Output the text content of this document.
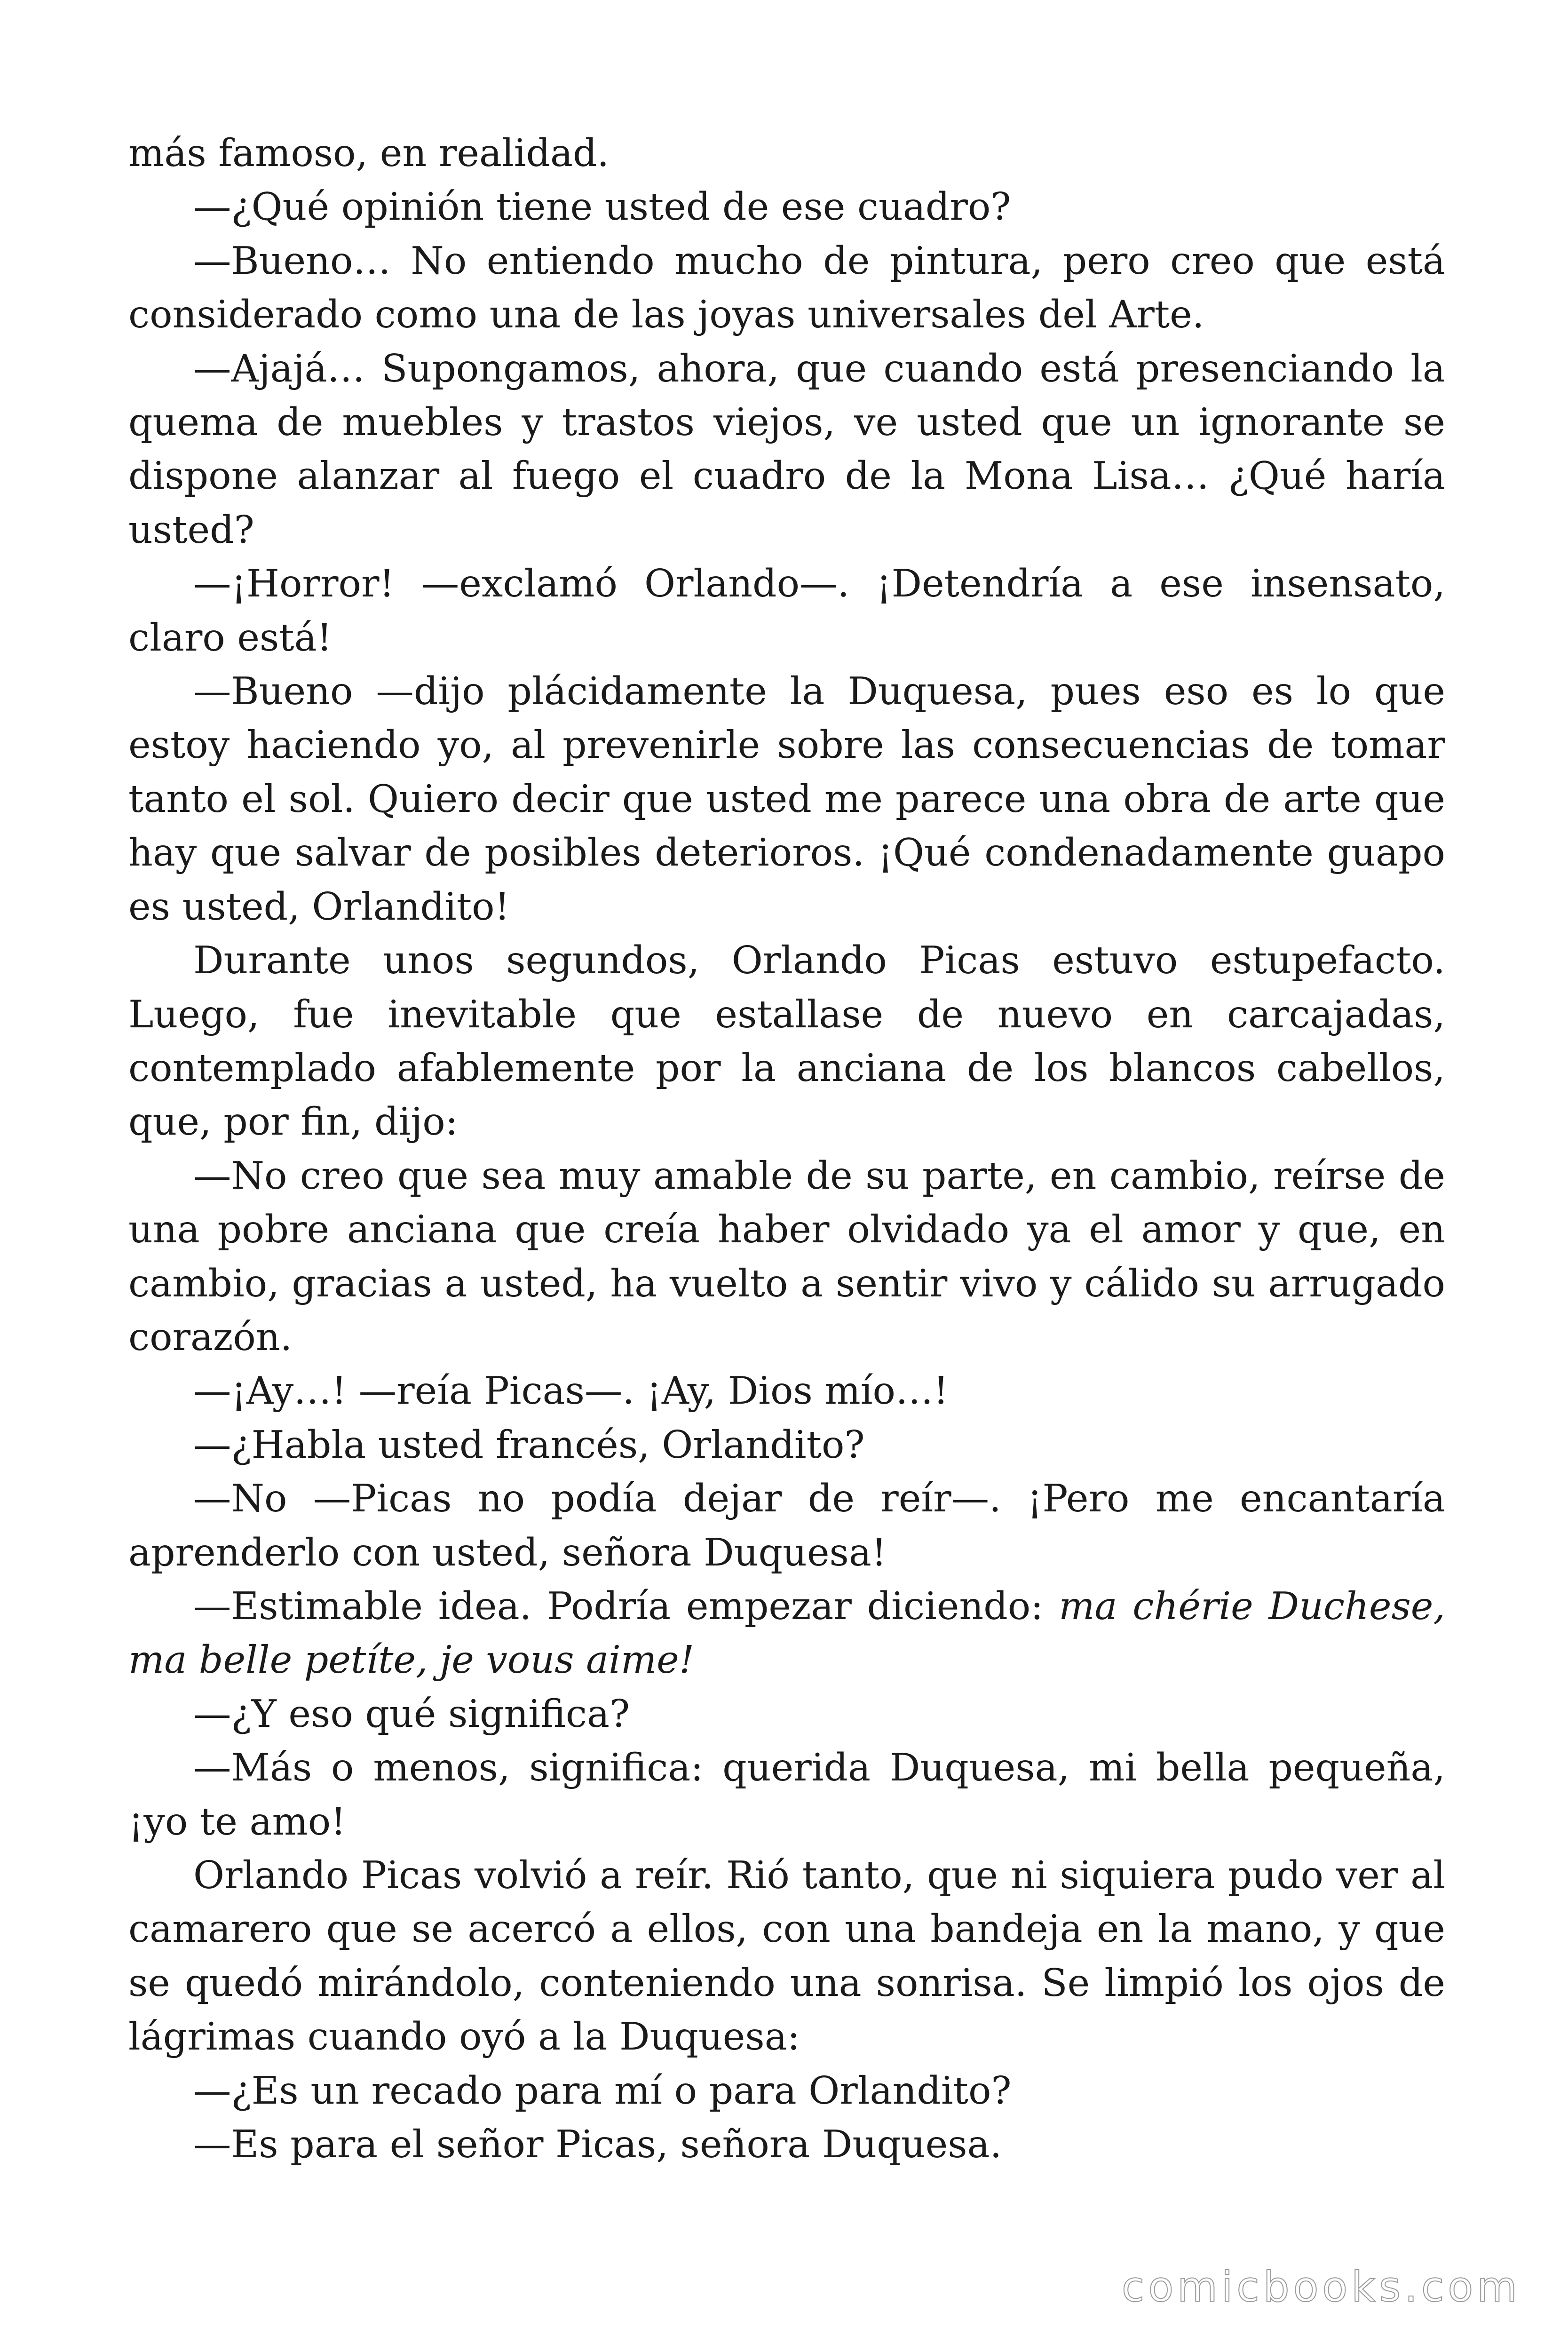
más famoso, en realidad.

—¿Qué opinión tiene usted de ese cuadro?

—Bueno… No entiendo mucho de pintura, pero creo que está considerado como una de las joyas universales del Arte.

—Ajajá… Supongamos, ahora, que cuando está presenciando la quema de muebles y trastos viejos, ve usted que un ignorante se dispone alanzar al fuego el cuadro de la Mona Lisa… ¿Qué haría usted?

—¡Horror! —exclamó Orlando—. ¡Detendría a ese insensato, claro está!

—Bueno —dijo plácidamente la Duquesa, pues eso es lo que estoy haciendo yo, al prevenirle sobre las consecuencias de tomar tanto el sol. Quiero decir que usted me parece una obra de arte que hay que salvar de posibles deterioros. ¡Qué condenadamente guapo es usted, Orlandito!

Durante unos segundos, Orlando Picas estuvo estupefacto. Luego, fue inevitable que estallase de nuevo en carcajadas, contemplado afablemente por la anciana de los blancos cabellos, que, por fin, dijo:

—No creo que sea muy amable de su parte, en cambio, reírse de una pobre anciana que creía haber olvidado ya el amor y que, en cambio, gracias a usted, ha vuelto a sentir vivo y cálido su arrugado corazón.

—¡Ay…! —reía Picas—. ¡Ay, Dios mío…!

—¿Habla usted francés, Orlandito?

—No —Picas no podía dejar de reír—. ¡Pero me encantaría aprenderlo con usted, señora Duquesa!

—Estimable idea. Podría empezar diciendo: ma chérie Duchese, ma belle petíte, je vous aime!

—¿Y eso qué significa?

—Más o menos, significa: querida Duquesa, mi bella pequeña, ¡yo te amo!

Orlando Picas volvió a reír. Rió tanto, que ni siquiera pudo ver al camarero que se acercó a ellos, con una bandeja en la mano, y que se quedó mirándolo, conteniendo una sonrisa. Se limpió los ojos de lágrimas cuando oyó a la Duquesa:

—¿Es un recado para mí o para Orlandito?

—Es para el señor Picas, señora Duquesa.

comicbooks.com
